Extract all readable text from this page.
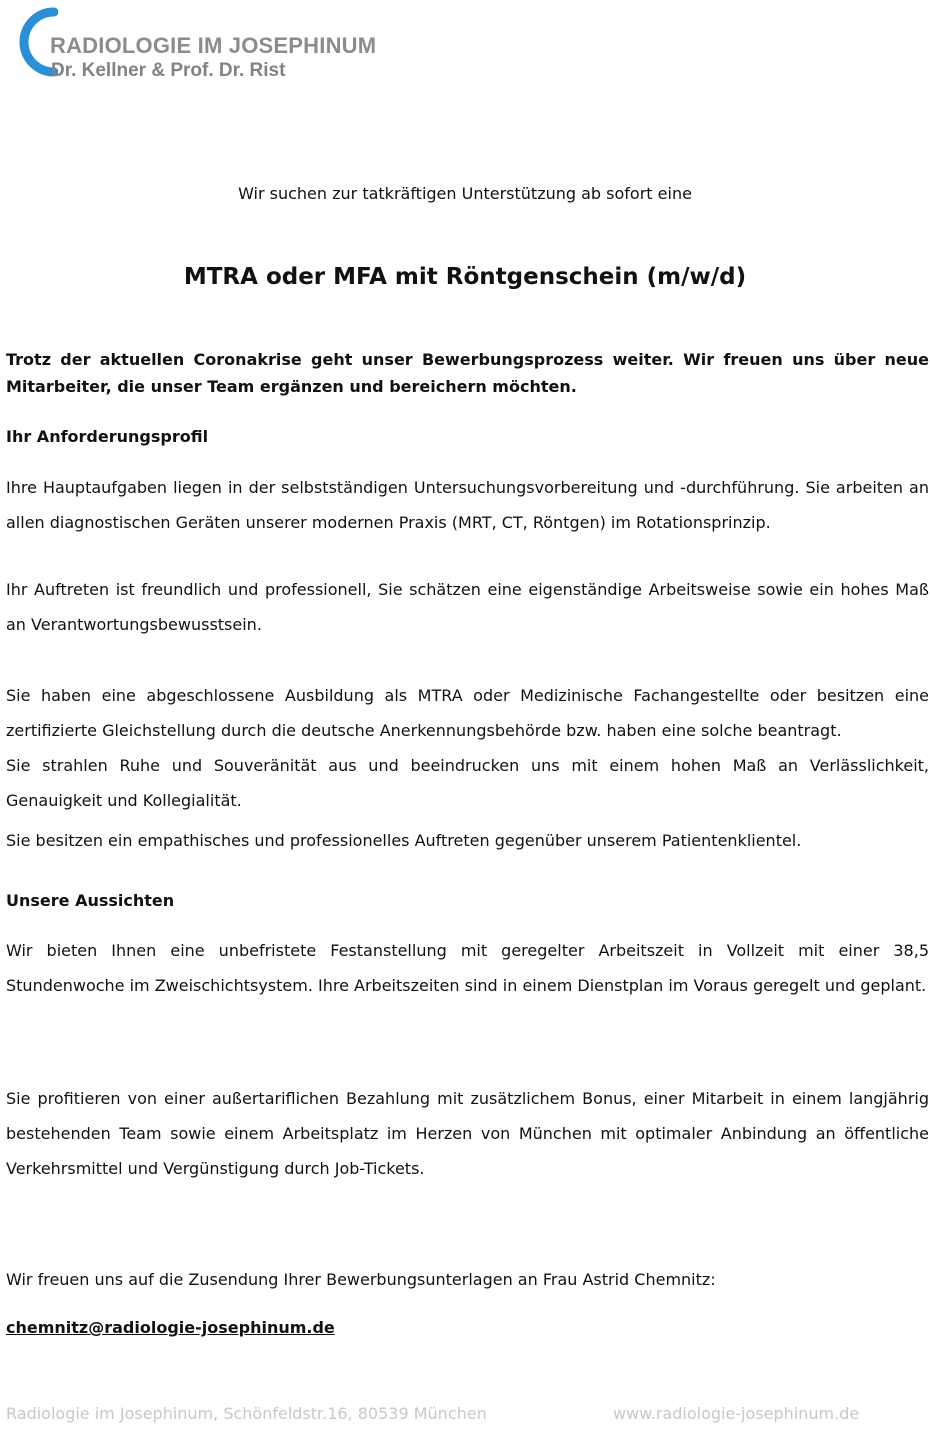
RADIOLOGIE IM JOSEPHINUM

Dr. Kellner & Prof. Dr. Rist

Wir suchen zur tatkräftigen Unterstützung ab sofort eine

MTRA oder MFA mit Röntgenschein (m/w/d)

Trotz der aktuellen Coronakrise geht unser Bewerbungsprozess weiter. Wir freuen uns über neue Mitarbeiter, die unser Team ergänzen und bereichern möchten.

Ihr Anforderungsprofil

Ihre Hauptaufgaben liegen in der selbstständigen Untersuchungsvorbereitung und -durchführung. Sie arbeiten an allen diagnostischen Geräten unserer modernen Praxis (MRT, CT, Röntgen) im Rotationsprinzip.

Ihr Auftreten ist freundlich und professionell, Sie schätzen eine eigenständige Arbeitsweise sowie ein hohes Maß an Verantwortungsbewusstsein.

Sie haben eine abgeschlossene Ausbildung als MTRA oder Medizinische Fachangestellte oder besitzen eine zertifizierte Gleichstellung durch die deutsche Anerkennungsbehörde bzw. haben eine solche beantragt.

Sie strahlen Ruhe und Souveränität aus und beeindrucken uns mit einem hohen Maß an Verlässlichkeit, Genauigkeit und Kollegialität.

Sie besitzen ein empathisches und professionelles Auftreten gegenüber unserem Patientenklientel.

Unsere Aussichten

Wir bieten Ihnen eine unbefristete Festanstellung mit geregelter Arbeitszeit in Vollzeit mit einer 38,5 Stundenwoche im Zweischichtsystem. Ihre Arbeitszeiten sind in einem Dienstplan im Voraus geregelt und geplant.

Sie profitieren von einer außertariflichen Bezahlung mit zusätzlichem Bonus, einer Mitarbeit in einem langjährig bestehenden Team sowie einem Arbeitsplatz im Herzen von München mit optimaler Anbindung an öffentliche Verkehrsmittel und Vergünstigung durch Job-Tickets.

Wir freuen uns auf die Zusendung Ihrer Bewerbungsunterlagen an Frau Astrid Chemnitz:

chemnitz@radiologie-josephinum.de

Radiologie im Josephinum, Schönfeldstr.16, 80539 München	www.radiologie-josephinum.de
